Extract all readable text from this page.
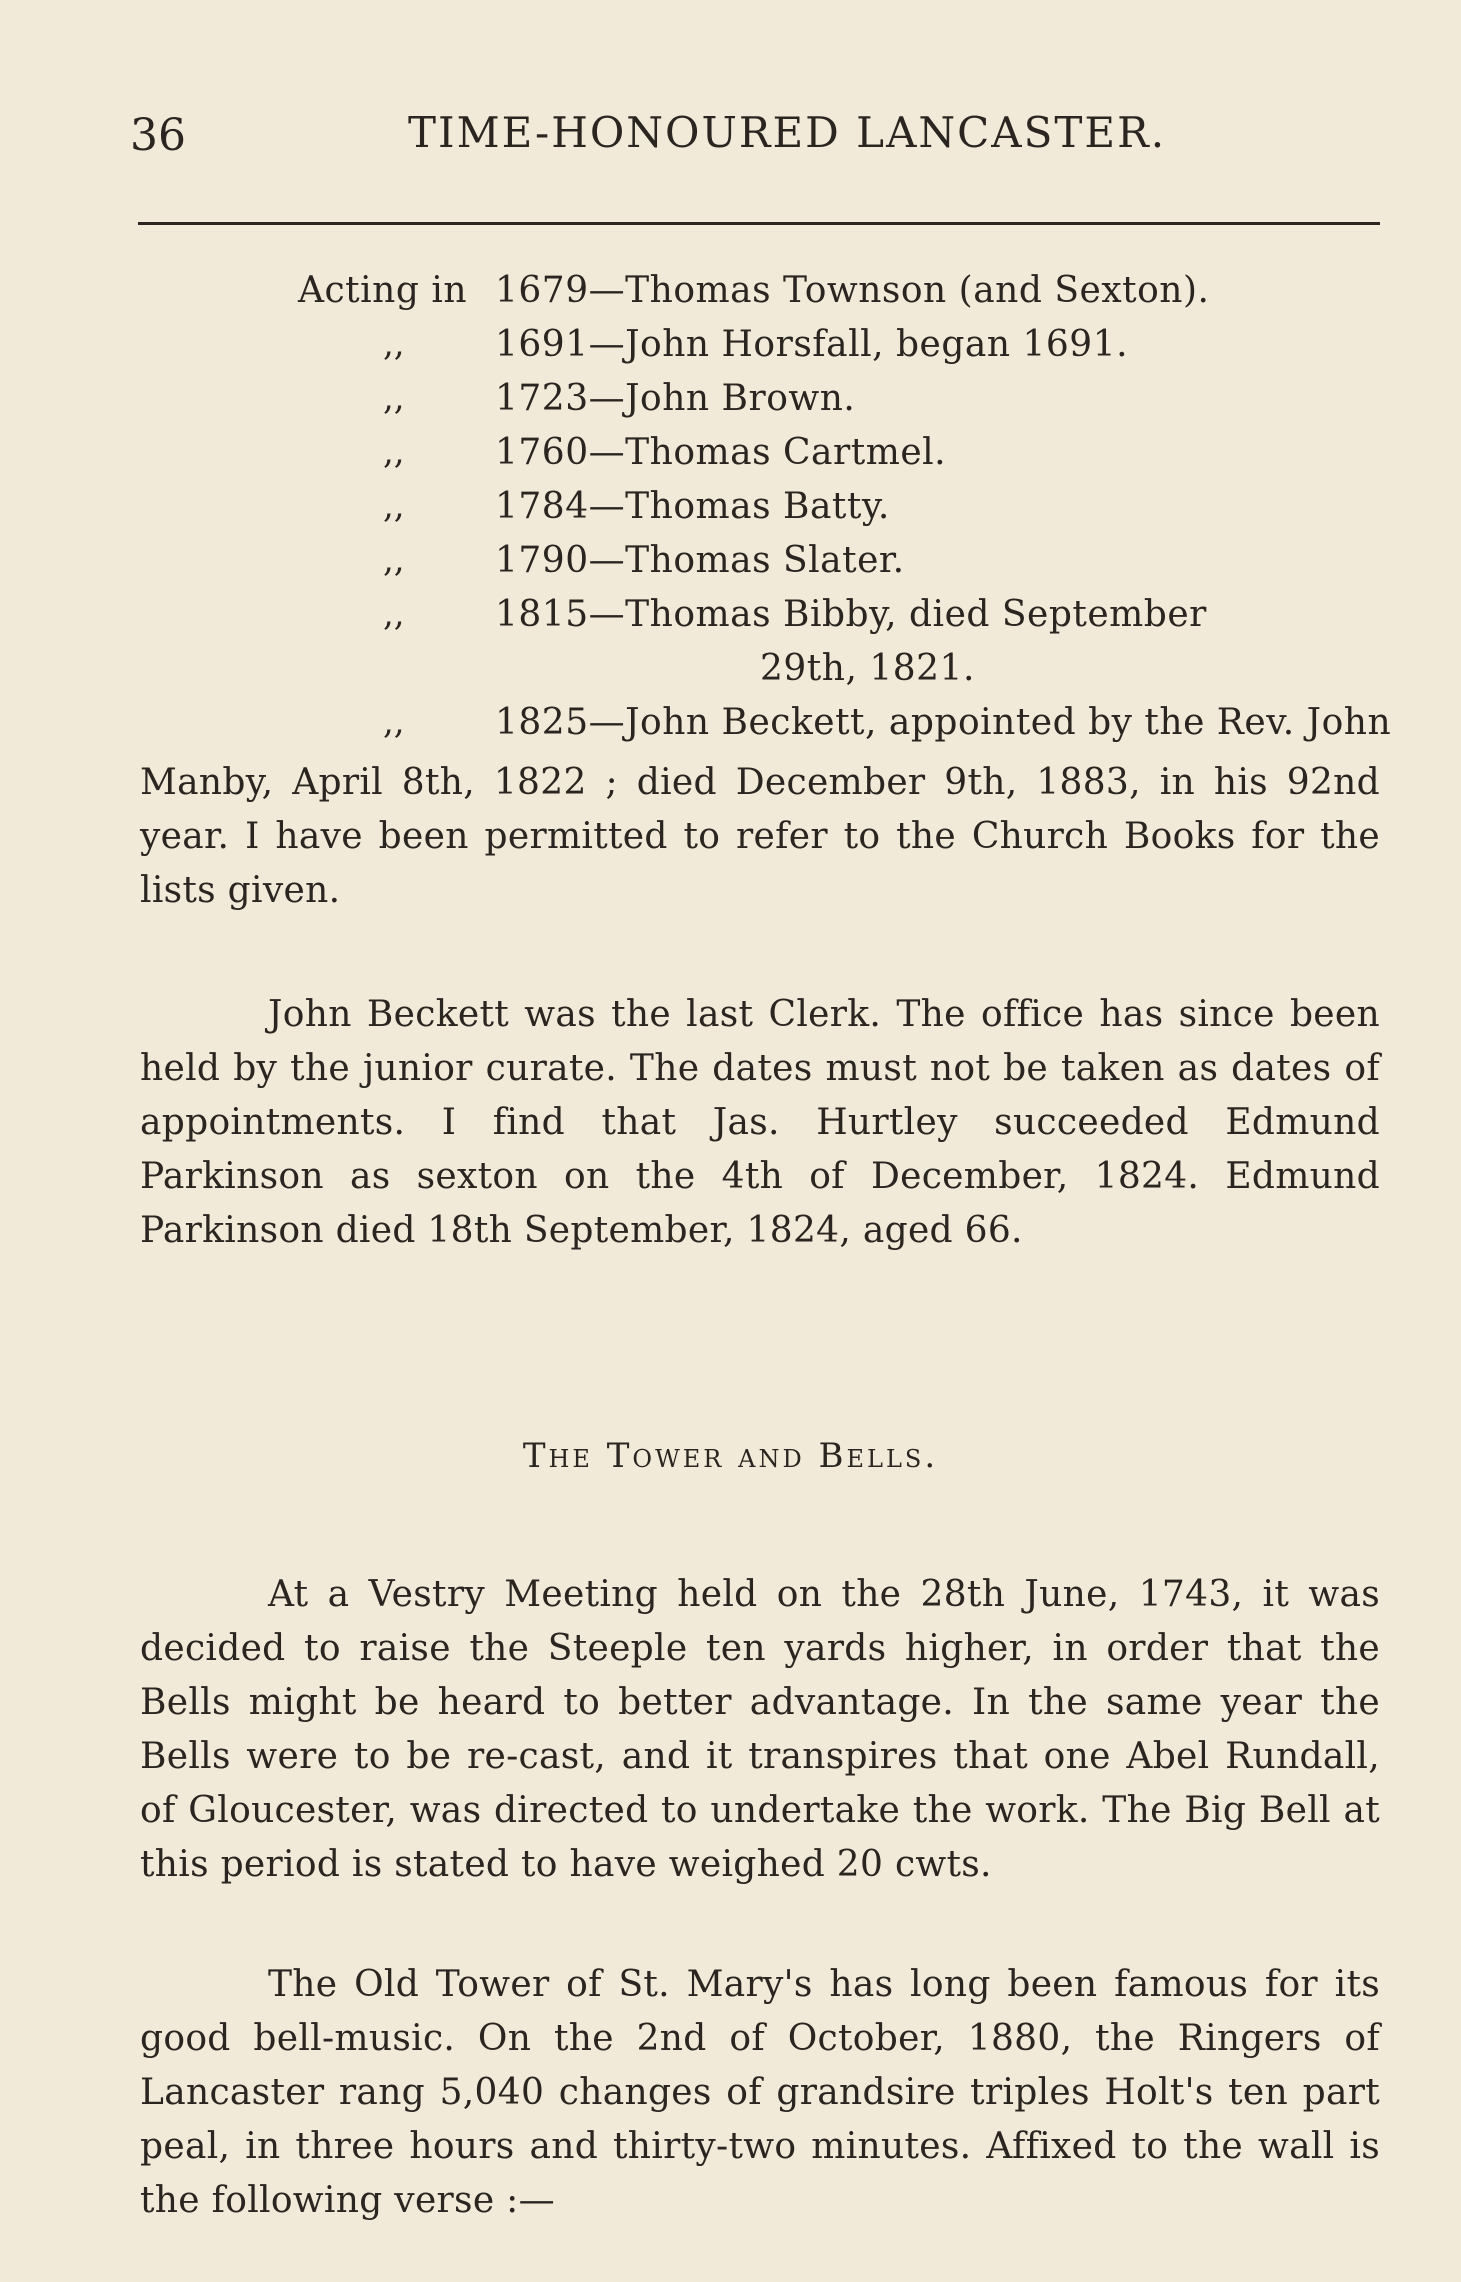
36	TIME-HONOURED LANCASTER.
Acting in 1679—Thomas Townson (and Sexton).
,,	1691—John Horsfall, began 1691.
,,	1723—John Brown.
,,	1760—Thomas Cartmel.
,,	1784—Thomas Batty.
,,	1790—Thomas Slater.
,,	1815—Thomas Bibby, died September
29th, 1821.
,,	1825—John Beckett, appointed by the Rev. John

Manby, April 8th, 1822 ; died December 9th, 1883, in his 92nd year. I have been permitted to refer to the Church Books for the lists given.

John Beckett was the last Clerk. The office has since been held by the junior curate. The dates must not be taken as dates of appointments. I find that Jas. Hurtley succeeded Edmund Parkinson as sexton on the 4th of December, 1824. Edmund Parkinson died 18th September, 1824, aged 66.

The Tower and Bells.

At a Vestry Meeting held on the 28th June, 1743, it was decided to raise the Steeple ten yards higher, in order that the Bells might be heard to better advantage. In the same year the Bells were to be re-cast, and it transpires that one Abel Rundall, of Gloucester, was directed to undertake the work. The Big Bell at this period is stated to have weighed 20 cwts.

The Old Tower of St. Mary's has long been famous for its good bell-music. On the 2nd of October, 1880, the Ringers of Lancaster rang 5,040 changes of grandsire triples Holt's ten part peal, in three hours and thirty-two minutes. Affixed to the wall is the following verse :—
